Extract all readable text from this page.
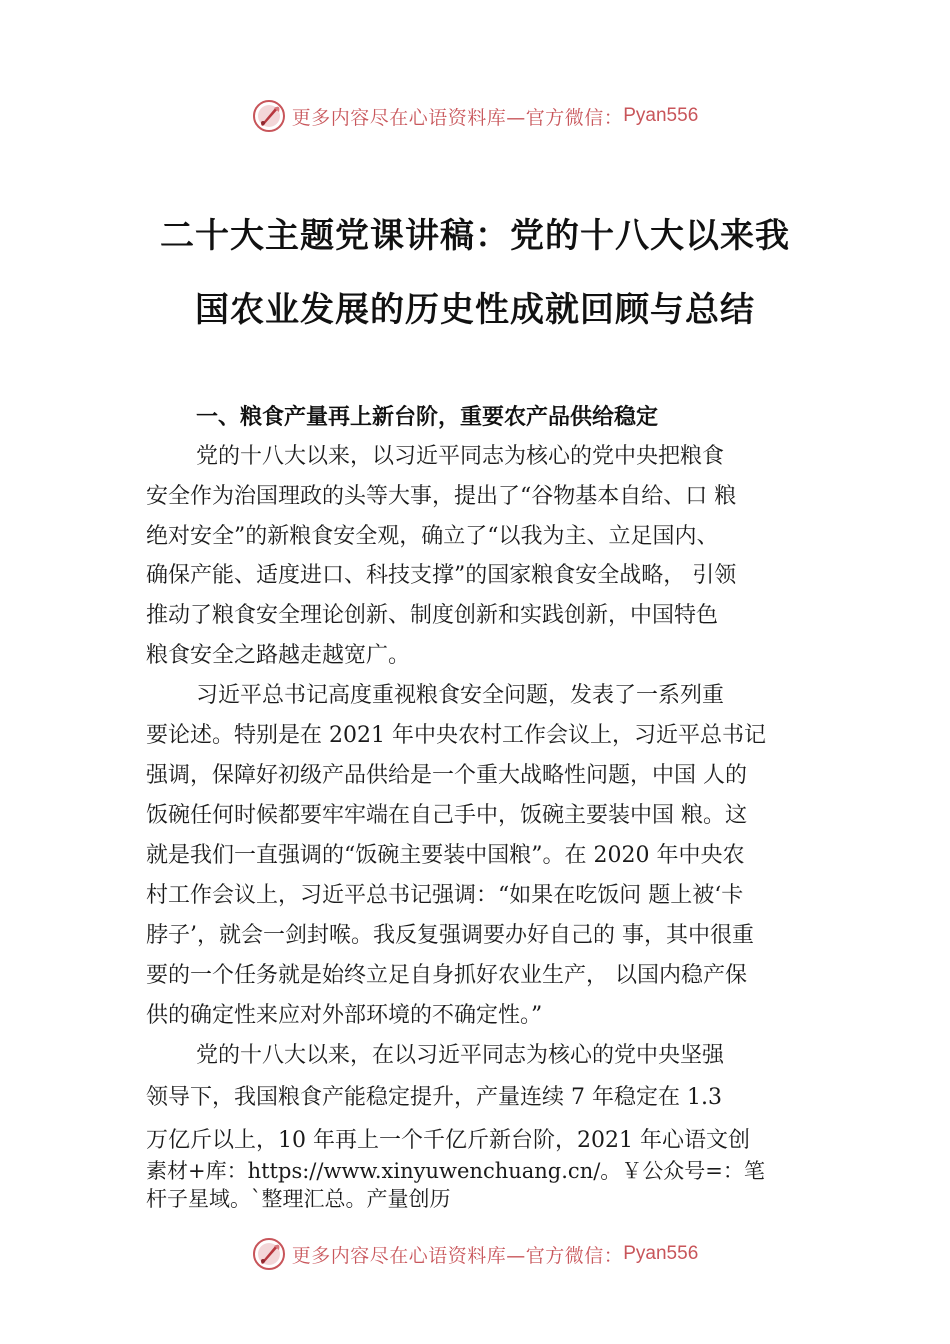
更多内容尽在心语资料库—官方微信： Pyan556
二十大主题党课讲稿：党的十八大以来我
国农业发展的历史性成就回顾与总结
一、粮食产量再上新台阶，重要农产品供给稳定
党的十八大以来，以习近平同志为核心的党中央把粮食
安全作为治国理政的头等大事，提出了“谷物基本自给、口 粮
绝对安全”的新粮食安全观，确立了“以我为主、立足国内、
确保产能、适度进口、科技支撑”的国家粮食安全战略， 引领
推动了粮食安全理论创新、制度创新和实践创新，中国特色
粮食安全之路越走越宽广。
习近平总书记高度重视粮食安全问题，发表了一系列重
要论述。特别是在 2021 年中央农村工作会议上，习近平总书记
强调，保障好初级产品供给是一个重大战略性问题，中国 人的
饭碗任何时候都要牢牢端在自己手中，饭碗主要装中国 粮。这
就是我们一直强调的“饭碗主要装中国粮”。在 2020 年中央农
村工作会议上，习近平总书记强调：“如果在吃饭问 题上被‘卡
脖子’，就会一剑封喉。我反复强调要办好自己的 事，其中很重
要的一个任务就是始终立足自身抓好农业生产， 以国内稳产保
供的确定性来应对外部环境的不确定性。”
党的十八大以来，在以习近平同志为核心的党中央坚强
领导下，我国粮食产能稳定提升，产量连续 7 年稳定在 1.3
万亿斤以上，10 年再上一个千亿斤新台阶，2021 年心语文创
素材+库：https://www.xinyuwenchuang.cn/。￥公众号=：笔
杆子星域。`整理汇总。产量创历
更多内容尽在心语资料库—官方微信： Pyan556
